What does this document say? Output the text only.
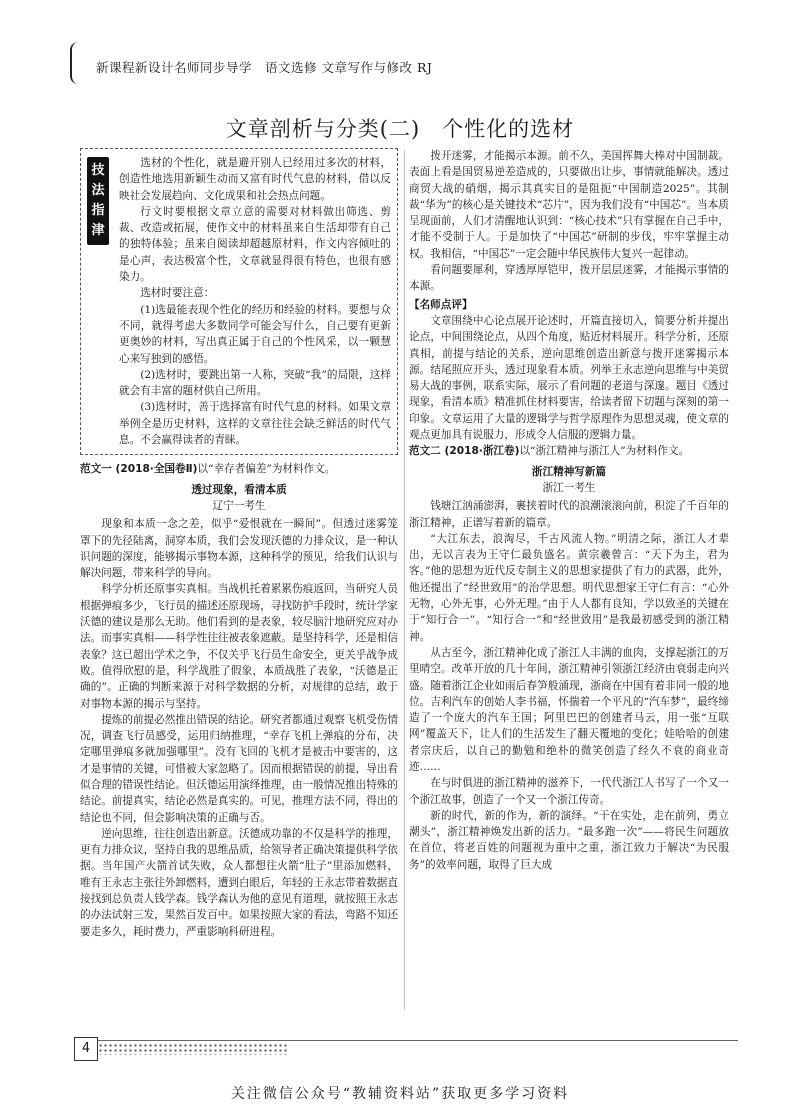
新课程新设计名师同步导学　语文选修 文章写作与修改 RJ
文章剖析与分类(二)　个性化的选材
技
法
指
津

选材的个性化，就是避开别人已经用过多次的材料，创造性地选用新颖生动而又富有时代气息的材料，借以反映社会发展趋向、文化成果和社会热点问题。

行文时要根据文章立意的需要对材料做出筛选、剪裁、改造或拓展，使作文中的材料虽来自生活却带有自己的独特体验；虽来自阅读却超越原材料，作文内容倾吐的是心声，表达极富个性，文章就显得很有特色，也很有感染力。

选材时要注意：

(1)选最能表现个性化的经历和经验的材料。要想与众不同，就得考虑大多数同学可能会写什么，自己要有更新更奥妙的材料，写出真正属于自己的个性风采，以一颗慧心来写独到的感悟。

(2)选材时，要跳出第一人称，突破“我”的局限，这样就会有丰富的题材供自己所用。

(3)选材时，善于选择富有时代气息的材料。如果文章举例全是历史材料，这样的文章往往会缺乏鲜活的时代气息。不会赢得读者的青睐。

范文一 (2018·全国卷Ⅱ)以“幸存者偏差”为材料作文。

透过现象，看清本质

辽宁一考生

现象和本质一念之差，似乎“爱恨就在一瞬间”。但透过迷雾笼罩下的先径陆离，洞穿本质，我们会发现沃德的力排众议，是一种认识问题的深度，能够揭示事物本源，这种科学的预见，给我们认识与解决问题，带来科学的导向。

科学分析还原事实真相。当战机托着累累伤痕返回，当研究人员根据弹痕多少，飞行员的描述还原现场，寻找防护手段时，统计学家沃德的建议是那么无助。他们看到的是表象，较尽脑汁地研究应对办法。而事实真相——科学性往往被表象遮蔽。是坚持科学，还是相信表象？这已超出学术之争，不仅关乎飞行员生命安全，更关乎战争成败。值得欣慰的是，科学战胜了假象，本质战胜了表象，“沃德是正确的”。正确的判断来源于对科学数据的分析，对规律的总结，敢于对事物本源的揭示与坚持。

提炼的前提必然推出错误的结论。研究者都通过观察飞机受伤情况，调查飞行员感受，运用归纳推理，“幸存飞机上弹痕的分布，决定哪里弹痕多就加强哪里”。没有飞回的飞机才是被击中要害的，这才是事情的关键，可惜被大家忽略了。因而根据错误的前提，导出看似合理的错误性结论。但沃德运用演绎推理，由一般情况推出特殊的结论。前提真实，结论必然是真实的。可见，推理方法不同，得出的结论也不同，但会影响决策的正确与否。

逆向思维，往往创造出新意。沃德成功靠的不仅是科学的推理，更有力排众议，坚持自我的思维品质，给领导者正确决策提供科学依据。当年国产火箭首试失败，众人都想往火箭“肚子”里添加燃料，唯有王永志主张往外卸燃料，遭到白眼后，年轻的王永志带着数据直接找到总负责人钱学森。钱学森认为他的意见有道理，就按照王永志的办法试射三发，果然百发百中。如果按照大家的看法，弯路不知还要走多久，耗时费力，严重影响科研进程。

拨开迷雾，才能揭示本源。前不久，美国挥舞大棒对中国制裁。表面上看是国贸易逆差造成的，只要做出让步，事情就能解决。透过商贸大战的硝烟，揭示其真实目的是阻扼“中国制造2025”。其制裁“华为”的核心是关键技术“芯片”，因为我们没有“中国芯”。当本质呈现面前，人们才清醒地认识到：“核心技术”只有掌握在自己手中，才能不受制于人。于是加快了“中国芯”研制的步伐，牢牢掌握主动权。我相信，“中国芯”一定会随中华民族伟大复兴一起律动。

看问题要犀利，穿透厚厚铠甲，拨开层层迷雾，才能揭示事情的本源。

【名师点评】

文章围绕中心论点展开论述时，开篇直接切入，简要分析并提出论点，中间围绕论点，从四个角度，贴近材料展开。科学分析，还原真相，前提与结论的关系，逆向思维创造出新意与拨开迷雾揭示本源。结尾照应开头，透过现象看本质。列举王永志逆向思维与中美贸易大战的事例，联系实际，展示了看问题的老道与深邃。题目《透过现象，看清本质》精准抓住材料要害，给读者留下切题与深刻的第一印象。文章运用了大量的逻辑学与哲学原理作为思想灵魂，使文章的观点更加具有说服力，形成令人信服的逻辑力量。

范文二 (2018·浙江卷)以“浙江精神与浙江人”为材料作文。

浙江精神写新篇

浙江一考生

钱塘江汹涌澎湃，裹挟着时代的浪潮滚滚向前，积淀了千百年的浙江精神，正谱写着新的篇章。

“大江东去，浪淘尽，千古风流人物。”明清之际，浙江人才辈出，无以言表为王守仁最负盛名。黄宗羲曾言：“天下为主，君为客。”他的思想为近代反专制主义的思想家提供了有力的武器，此外，他还提出了“经世致用”的治学思想。明代思想家王守仁有言：“心外无物，心外无事，心外无理。”由于人人都有良知，学以致圣的关键在于“知行合一”。“知行合一”和“经世致用”是我最初感受到的浙江精神。

从古至今，浙江精神化成了浙江人丰满的血肉，支撑起浙江的万里晴空。改革开放的几十年间，浙江精神引领浙江经济由衰弱走向兴盛。随着浙江企业如雨后春笋般涌现，浙商在中国有着非同一般的地位。吉利汽车的创始人李书福，怀揣着一个平凡的“汽车梦”，最终缔造了一个庞大的汽车王国；阿里巴巴的创建者马云，用一张“互联网”覆盖天下，让人们的生活发生了翻天覆地的变化；娃哈哈的创建者宗庆后，以自己的勤勉和绝朴的微笑创造了经久不衰的商业奇迹……

在与时俱进的浙江精神的滋养下，一代代浙江人书写了一个又一个浙江故事，创造了一个又一个浙江传奇。

新的时代，新的作为，新的演绎。“干在实处，走在前列，勇立潮头”，浙江精神焕发出新的活力。“最多跑一次”——将民生问题放在首位，将老百姓的问题视为重中之重，浙江致力于解决“为民服务”的效率问题，取得了巨大成

4
关注微信公众号“教辅资料站”获取更多学习资料
